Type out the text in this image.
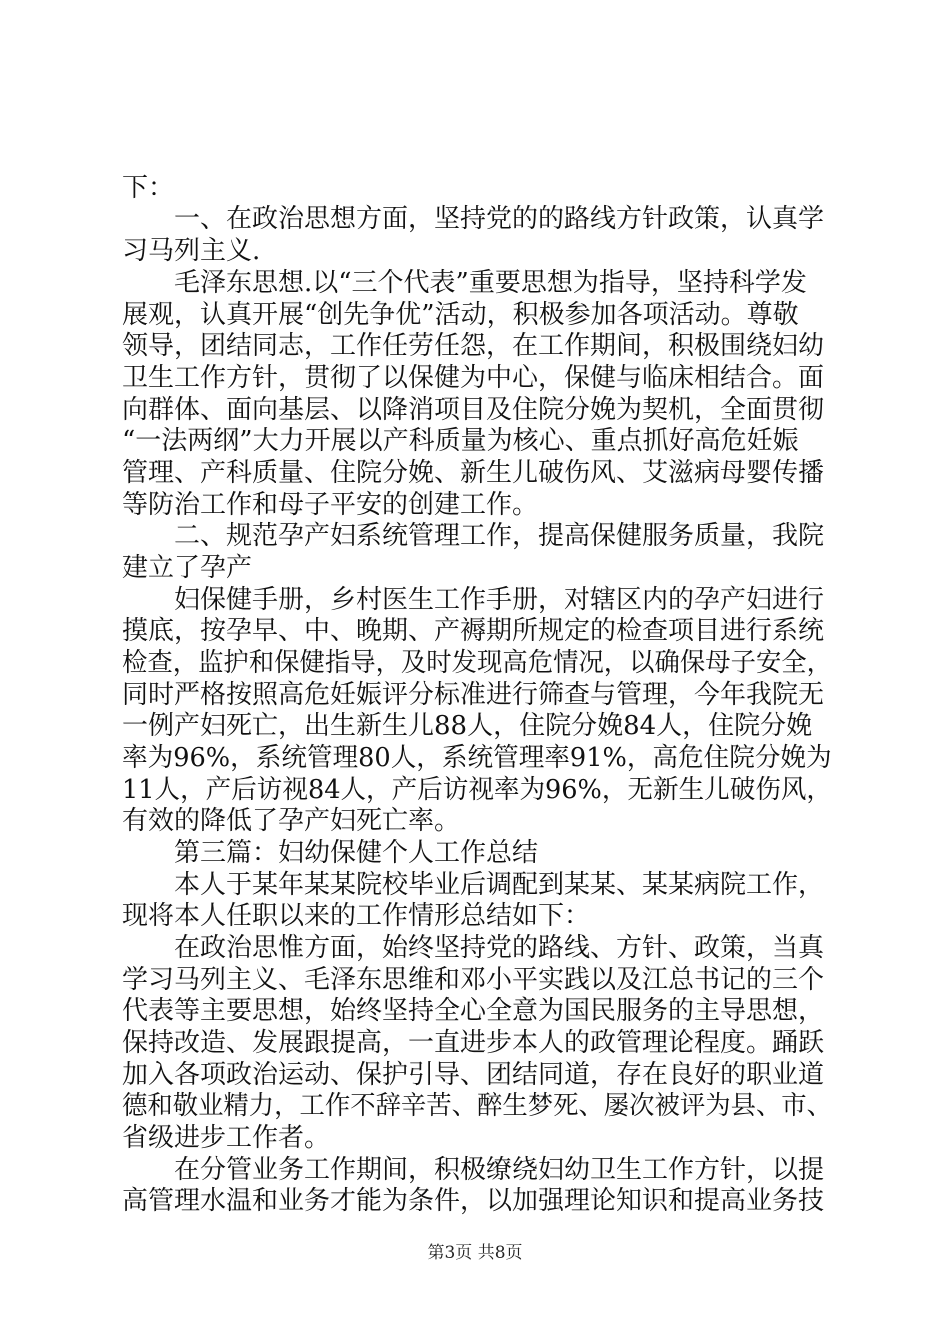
下：
一、在政治思想方面，坚持党的的路线方针政策，认真学
习马列主义.
毛泽东思想.以“三个代表”重要思想为指导，坚持科学发
展观，认真开展“创先争优”活动，积极参加各项活动。尊敬
领导，团结同志，工作任劳任怨，在工作期间，积极围绕妇幼
卫生工作方针，贯彻了以保健为中心，保健与临床相结合。面
向群体、面向基层、以降消项目及住院分娩为契机，全面贯彻
“一法两纲”大力开展以产科质量为核心、重点抓好高危妊娠
管理、产科质量、住院分娩、新生儿破伤风、艾滋病母婴传播
等防治工作和母子平安的创建工作。
二、规范孕产妇系统管理工作，提高保健服务质量，我院
建立了孕产
妇保健手册，乡村医生工作手册，对辖区内的孕产妇进行
摸底，按孕早、中、晚期、产褥期所规定的检查项目进行系统
检查，监护和保健指导，及时发现高危情况，以确保母子安全，
同时严格按照高危妊娠评分标准进行筛查与管理，今年我院无
一例产妇死亡，出生新生儿88人，住院分娩84人，住院分娩
率为96%，系统管理80人，系统管理率91%，高危住院分娩为
11人，产后访视84人，产后访视率为96%，无新生儿破伤风，
有效的降低了孕产妇死亡率。
第三篇：妇幼保健个人工作总结
本人于某年某某院校毕业后调配到某某、某某病院工作，
现将本人任职以来的工作情形总结如下：
在政治思惟方面，始终坚持党的路线、方针、政策，当真
学习马列主义、毛泽东思维和邓小平实践以及江总书记的三个
代表等主要思想，始终坚持全心全意为国民服务的主导思想，
保持改造、发展跟提高，一直进步本人的政管理论程度。踊跃
加入各项政治运动、保护引导、团结同道，存在良好的职业道
德和敬业精力，工作不辞辛苦、醉生梦死、屡次被评为县、市、
省级进步工作者。
在分管业务工作期间，积极缭绕妇幼卫生工作方针，以提
高管理水温和业务才能为条件，以加强理论知识和提高业务技
第3页 共8页
